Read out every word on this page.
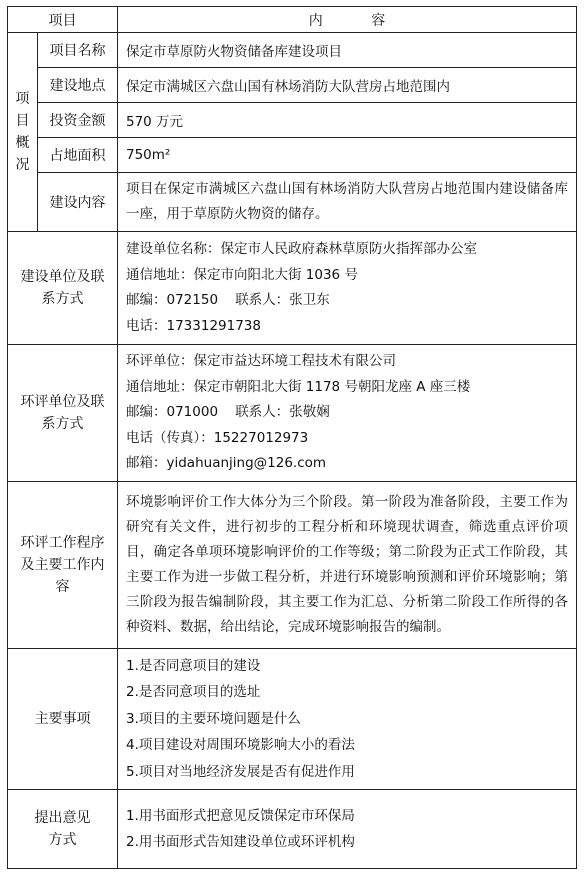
项目		内 容

项
目
概
况	项目名称	保定市草原防火物资储备库建设项目
	建设地点	保定市满城区六盘山国有林场消防大队营房占地范围内
	投资金额	570 万元
	占地面积	750m²
	建设内容	项目在保定市满城区六盘山国有林场消防大队营房占地范围内建设储备库一座，用于草原防火物资的储存。
建设单位及联系方式		建设单位名称：保定市人民政府森林草原防火指挥部办公室
通信地址：保定市向阳北大街 1036 号
邮编：072150    联系人：张卫东
电话：17331291738

环评单位及联系方式		环评单位：保定市益达环境工程技术有限公司
通信地址：保定市朝阳北大街 1178 号朝阳龙座 A 座三楼
邮编：071000    联系人：张敬娴
电话（传真）：15227012973
邮箱：yidahuanjing@126.com

环评工作程序及主要工作内容		环境影响评价工作大体分为三个阶段。第一阶段为准备阶段，主要工作为研究有关文件，进行初步的工程分析和环境现状调查，筛选重点评价项目，确定各单项环境影响评价的工作等级；第二阶段为正式工作阶段，其主要工作为进一步做工程分析，并进行环境影响预测和评价环境影响；第三阶段为报告编制阶段，其主要工作为汇总、分析第二阶段工作所得的各种资料、数据，给出结论，完成环境影响报告的编制。
主要事项		1.是否同意项目的建设
2.是否同意项目的选址
3.项目的主要环境问题是什么
4.项目建设对周围环境影响大小的看法
5.项目对当地经济发展是否有促进作用

提出意见方式		1.用书面形式把意见反馈保定市环保局
2.用书面形式告知建设单位或环评机构
